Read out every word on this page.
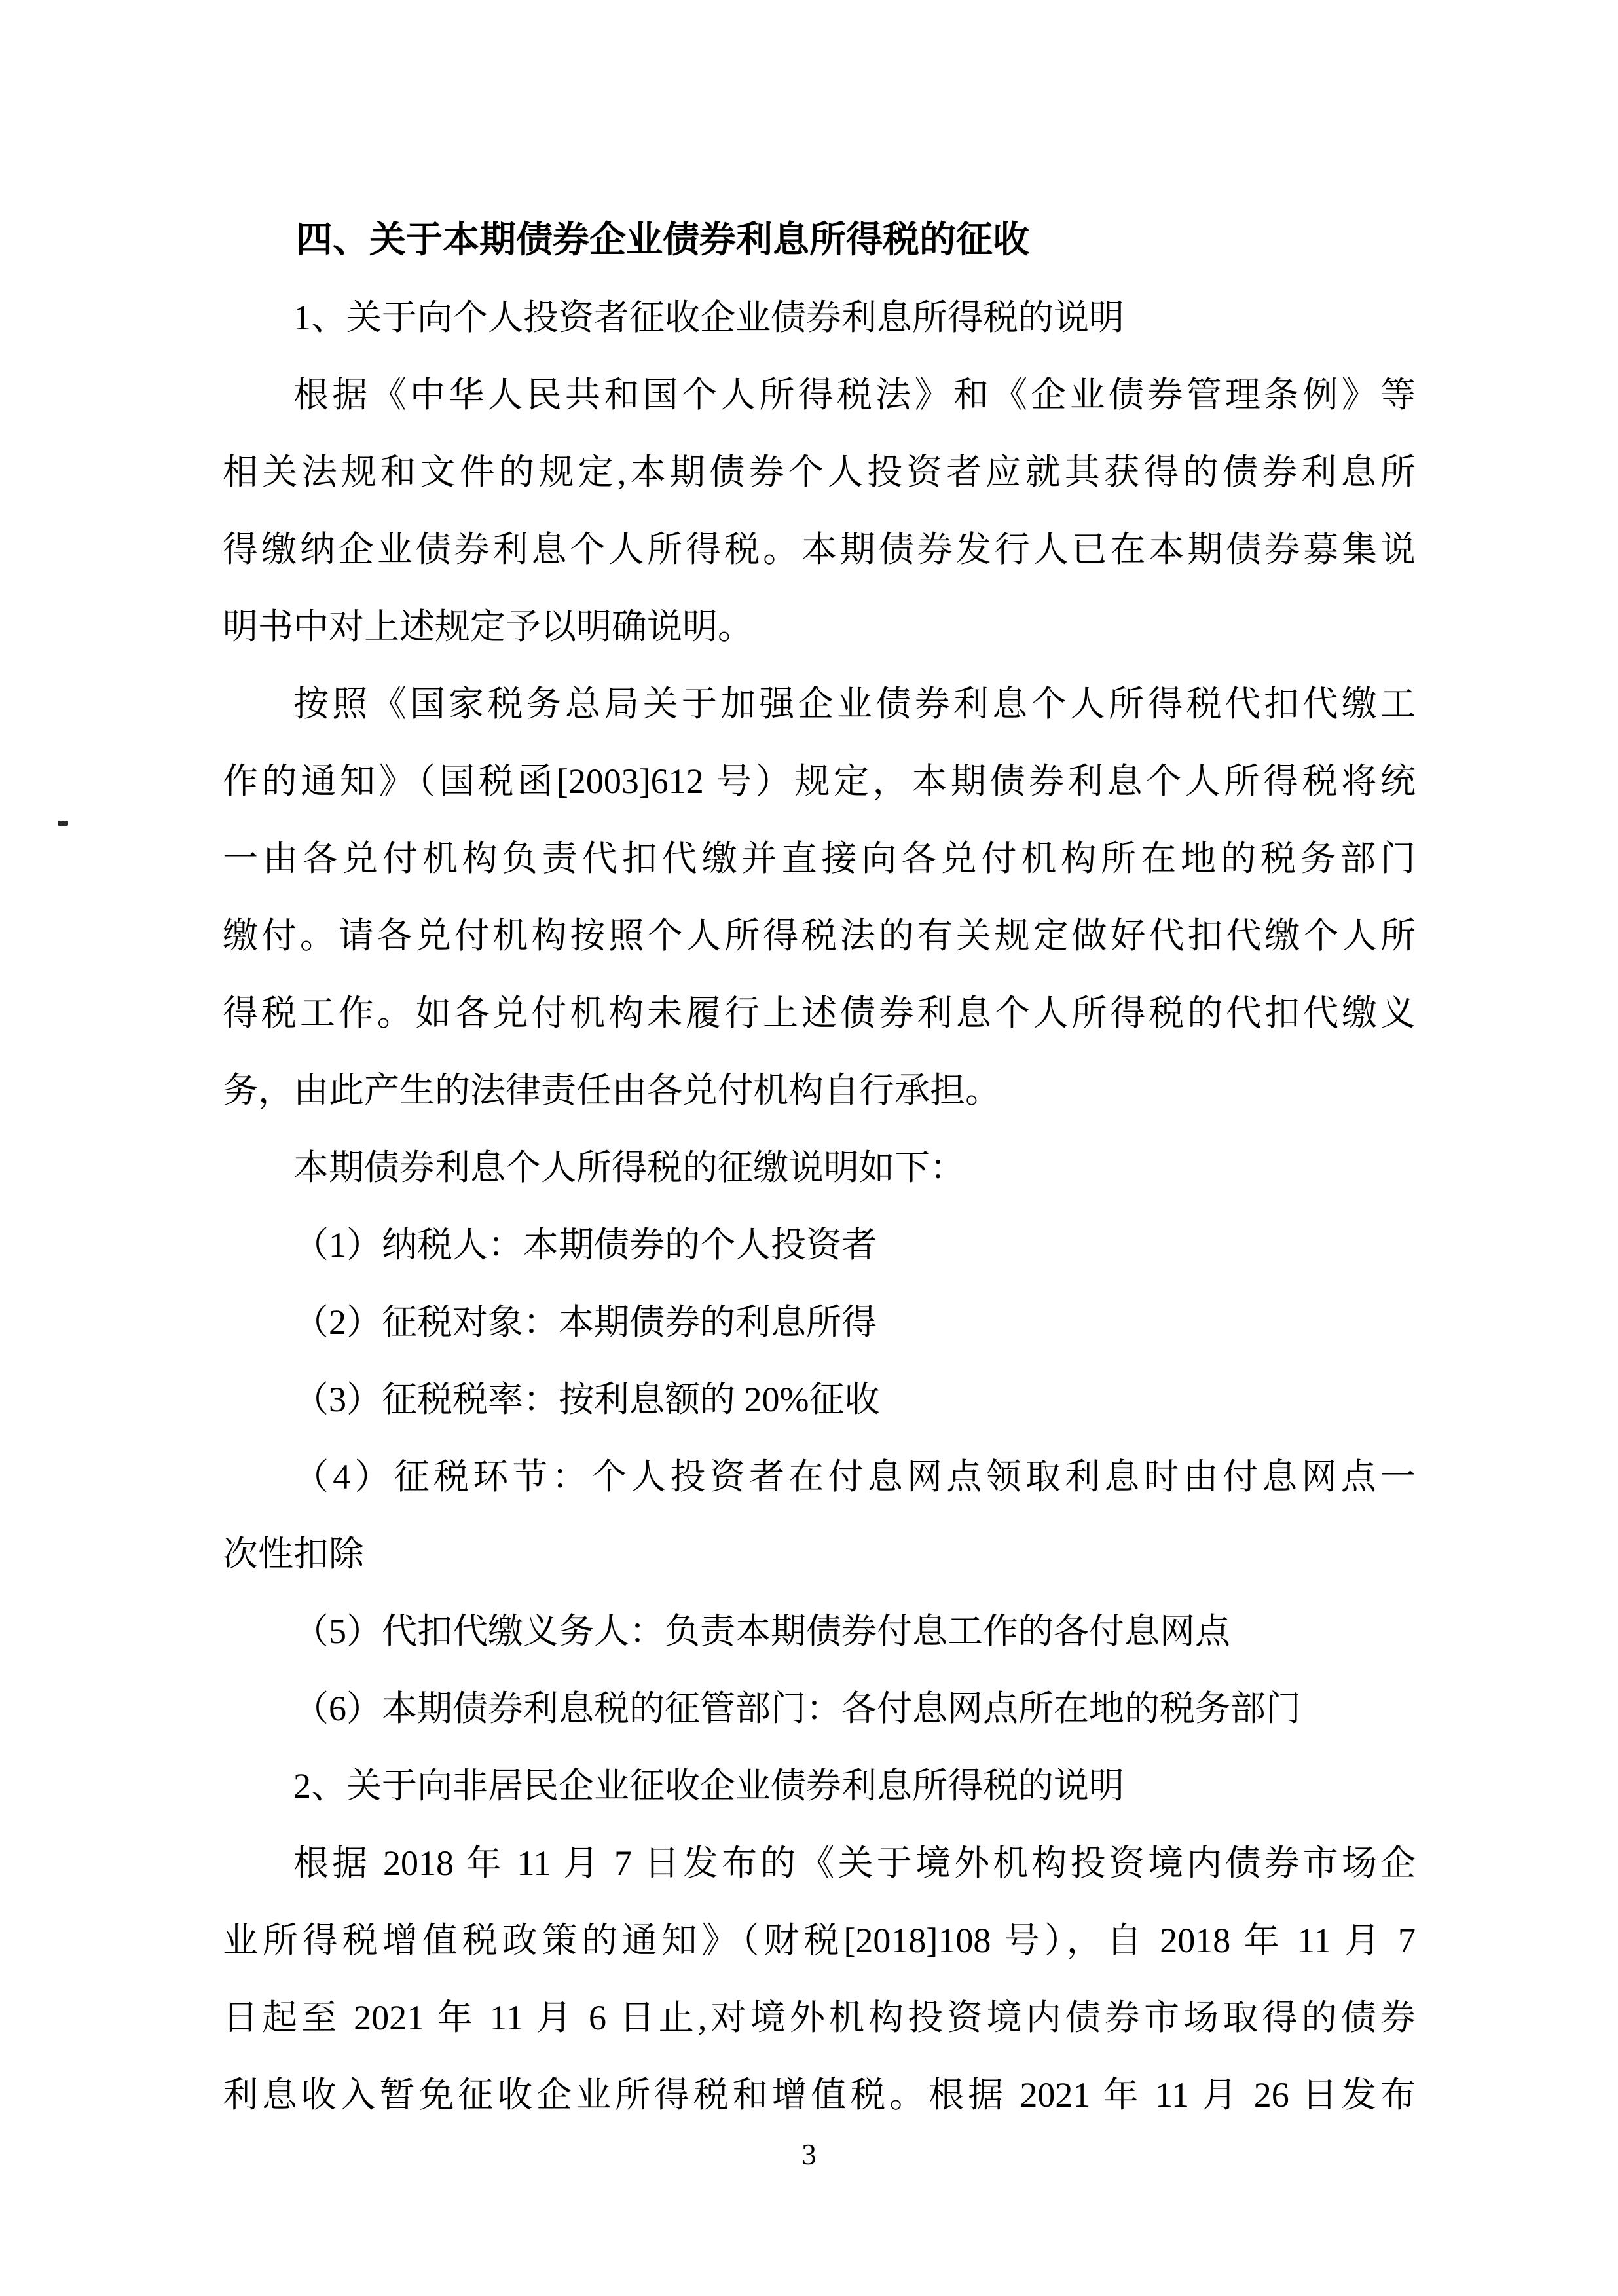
四、关于本期债券企业债券利息所得税的征收
1、关于向个人投资者征收企业债券利息所得税的说明
根据《中华人民共和国个人所得税法》和《企业债券管理条例》等
相关法规和文件的规定,本期债券个人投资者应就其获得的债券利息所
得缴纳企业债券利息个人所得税。本期债券发行人已在本期债券募集说
明书中对上述规定予以明确说明。
按照《国家税务总局关于加强企业债券利息个人所得税代扣代缴工
作的通知》（国税函[2003]612 号）规定，本期债券利息个人所得税将统
一由各兑付机构负责代扣代缴并直接向各兑付机构所在地的税务部门
缴付。请各兑付机构按照个人所得税法的有关规定做好代扣代缴个人所
得税工作。如各兑付机构未履行上述债券利息个人所得税的代扣代缴义
务，由此产生的法律责任由各兑付机构自行承担。
本期债券利息个人所得税的征缴说明如下：
（1）纳税人：本期债券的个人投资者
（2）征税对象：本期债券的利息所得
（3）征税税率：按利息额的 20%征收
（4）征税环节：个人投资者在付息网点领取利息时由付息网点一
次性扣除
（5）代扣代缴义务人：负责本期债券付息工作的各付息网点
（6）本期债券利息税的征管部门：各付息网点所在地的税务部门
2、关于向非居民企业征收企业债券利息所得税的说明
根据 2018 年 11 月 7 日发布的《关于境外机构投资境内债券市场企
业所得税增值税政策的通知》（财税[2018]108 号），自 2018 年 11 月 7
日起至 2021 年 11 月 6 日止,对境外机构投资境内债券市场取得的债券
利息收入暂免征收企业所得税和增值税。根据 2021 年 11 月 26 日发布
3
